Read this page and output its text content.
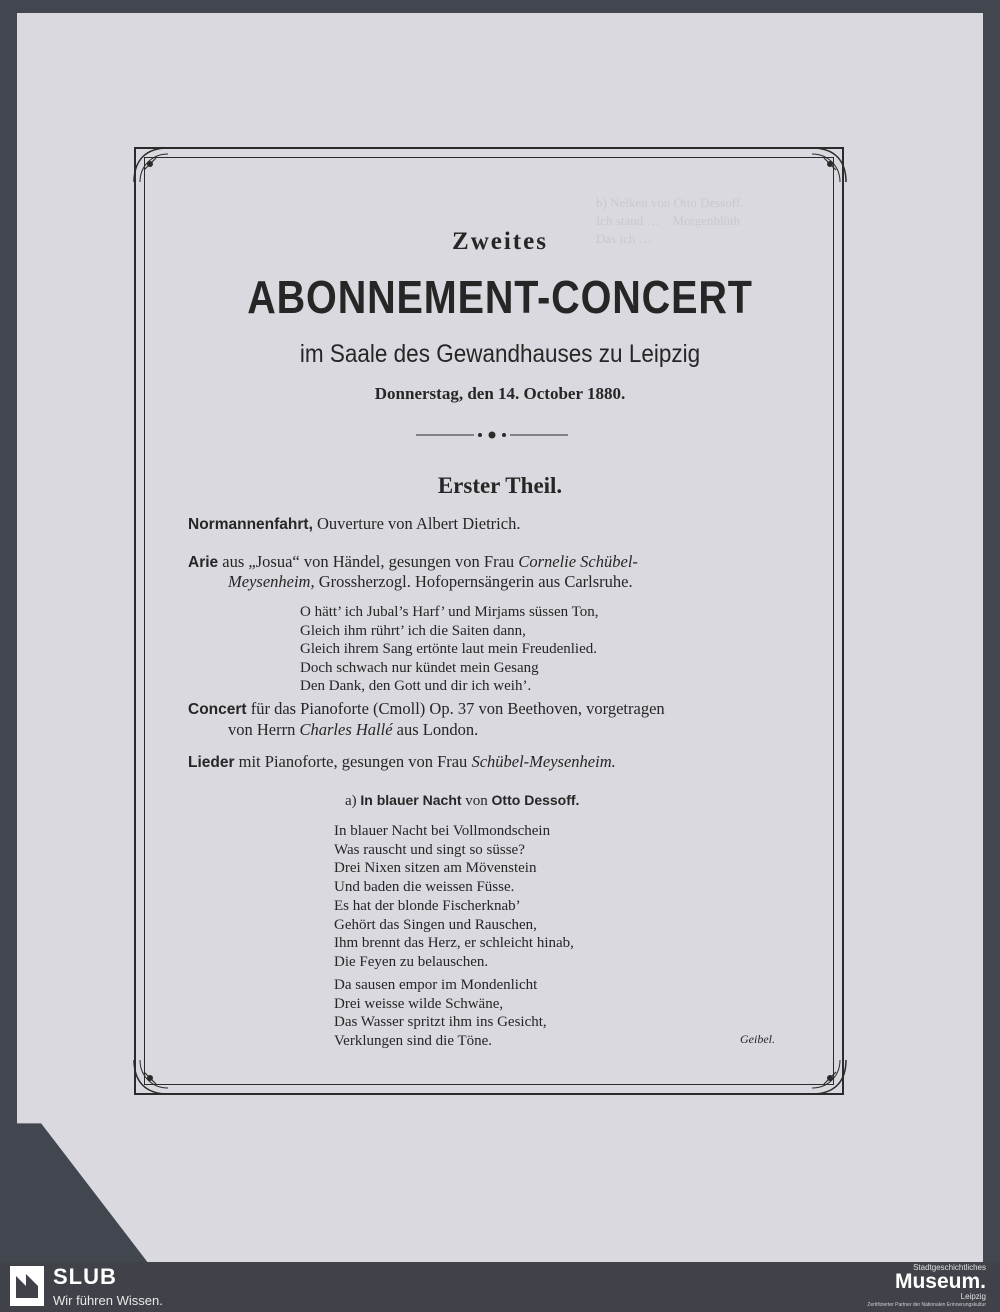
b) Nelken von Otto Dessoff.
Ich stand …    Morgenblüth
Das ich …

Zweites
ABONNEMENT-CONCERT
im Saale des Gewandhauses zu Leipzig
Donnerstag, den 14. October 1880.
Erster Theil.
Normannenfahrt, Ouverture von Albert Dietrich.
Arie aus „Josua“ von Händel, gesungen von Frau Cornelie Schübel-
Meysenheim, Grossherzogl. Hofopernsängerin aus Carlsruhe.
O hätt’ ich Jubal’s Harf’ und Mirjams süssen Ton,
Gleich ihm rührt’ ich die Saiten dann,
Gleich ihrem Sang ertönte laut mein Freudenlied.
Doch schwach nur kündet mein Gesang
Den Dank, den Gott und dir ich weih’.
Concert für das Pianoforte (Cmoll) Op. 37 von Beethoven, vorgetragen
von Herrn Charles Hallé aus London.
Lieder mit Pianoforte, gesungen von Frau Schübel-Meysenheim.
a) In blauer Nacht von Otto Dessoff.
In blauer Nacht bei Vollmondschein
Was rauscht und singt so süsse?
Drei Nixen sitzen am Mövenstein
Und baden die weissen Füsse.
Es hat der blonde Fischerknab’
Gehört das Singen und Rauschen,
Ihm brennt das Herz, er schleicht hinab,
Die Feyen zu belauschen.
Da sausen empor im Mondenlicht
Drei weisse wilde Schwäne,
Das Wasser spritzt ihm ins Gesicht,
Verklungen sind die Töne.	Geibel.
SLUB
Wir führen Wissen.
Stadtgeschichtliches
Museum.
Leipzig
Zertifizierter Partner der Nationalen Erinnerungskultur
